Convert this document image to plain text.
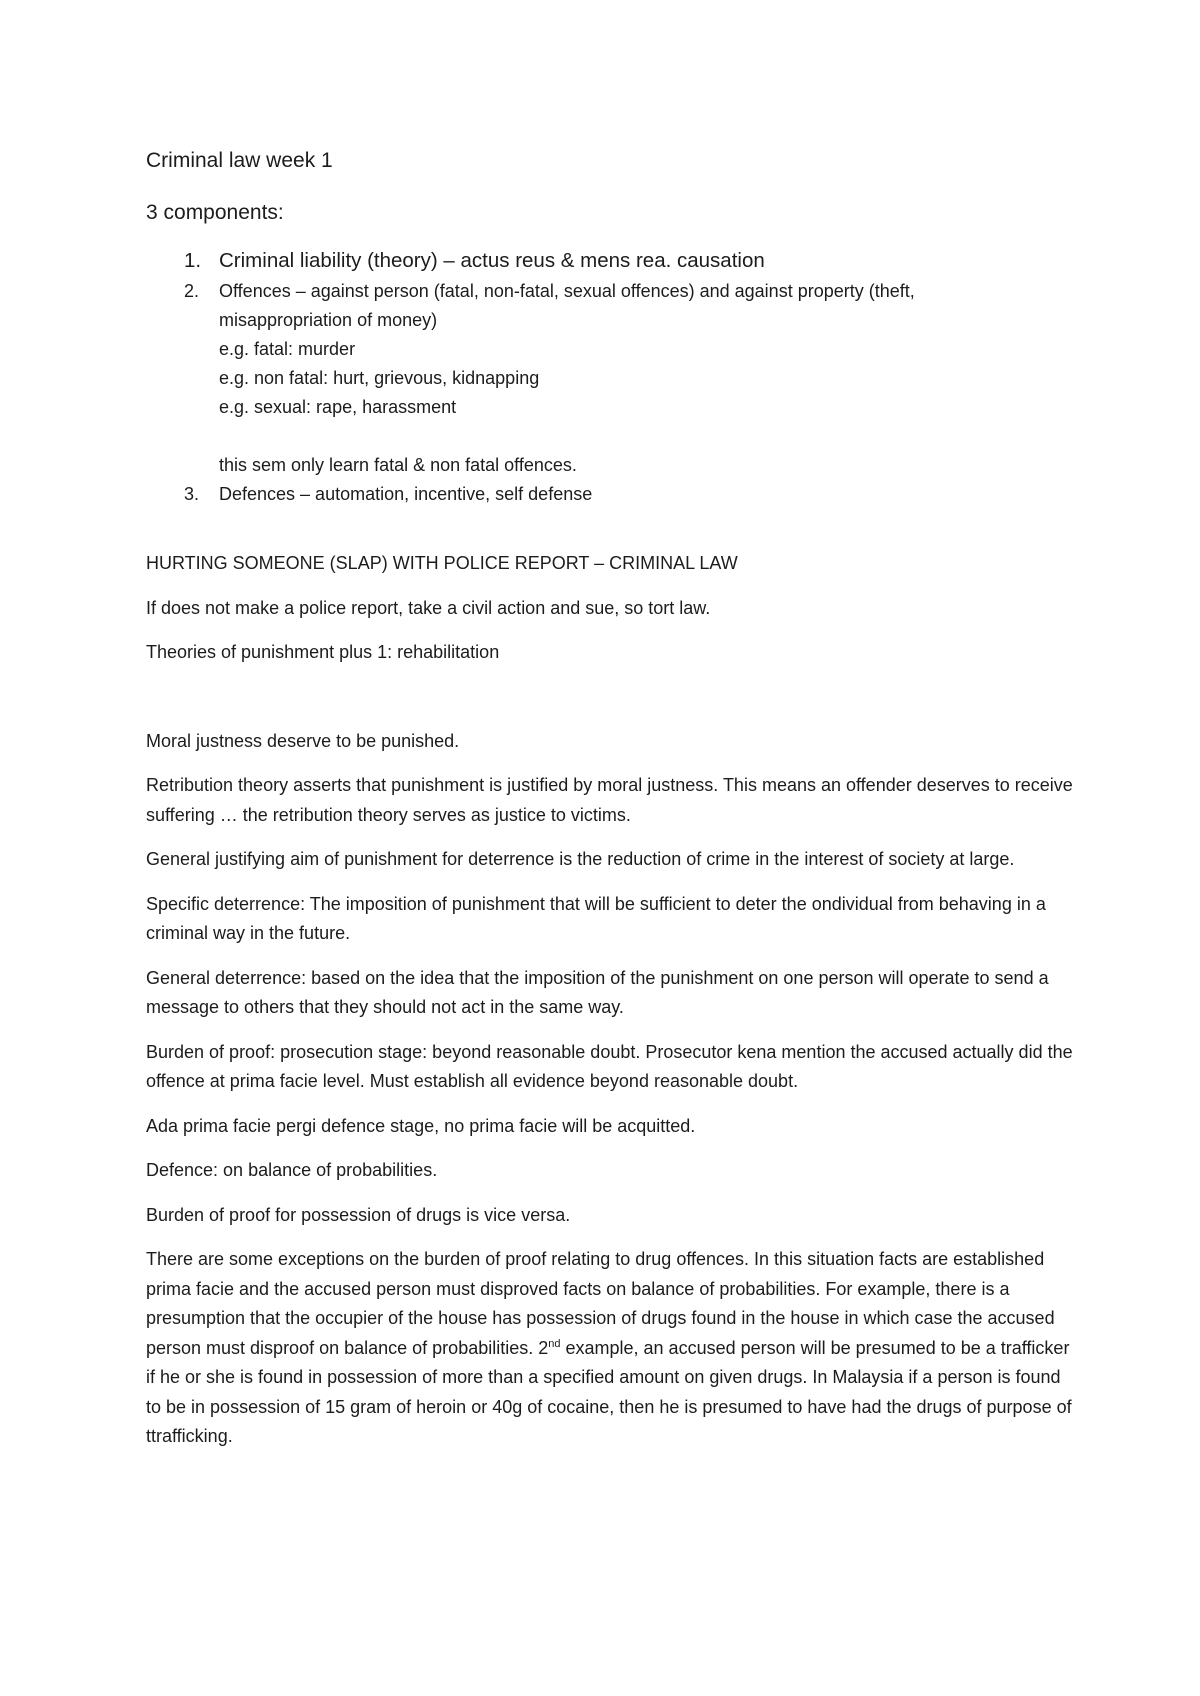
Criminal law week 1
3 components:
1. Criminal liability (theory) – actus reus & mens rea. causation
2. Offences – against person (fatal, non-fatal, sexual offences) and against property (theft,
misappropriation of money)
e.g. fatal: murder
e.g. non fatal: hurt, grievous, kidnapping
e.g. sexual: rape, harassment
this sem only learn fatal & non fatal offences.
3. Defences – automation, incentive, self defense

HURTING SOMEONE (SLAP) WITH POLICE REPORT – CRIMINAL LAW

If does not make a police report, take a civil action and sue, so tort law.

Theories of punishment plus 1: rehabilitation

Moral justness deserve to be punished.

Retribution theory asserts that punishment is justified by moral justness. This means an offender deserves to receive suffering … the retribution theory serves as justice to victims.

General justifying aim of punishment for deterrence is the reduction of crime in the interest of society at large.

Specific deterrence: The imposition of punishment that will be sufficient to deter the ondividual from behaving in a criminal way in the future.

General deterrence: based on the idea that the imposition of the punishment on one person will operate to send a message to others that they should not act in the same way.

Burden of proof: prosecution stage: beyond reasonable doubt. Prosecutor kena mention the accused actually did the offence at prima facie level. Must establish all evidence beyond reasonable doubt.

Ada prima facie pergi defence stage, no prima facie will be acquitted.

Defence: on balance of probabilities.

Burden of proof for possession of drugs is vice versa.

There are some exceptions on the burden of proof relating to drug offences. In this situation facts are established prima facie and the accused person must disproved facts on balance of probabilities. For example, there is a presumption that the occupier of the house has possession of drugs found in the house in which case the accused person must disproof on balance of probabilities. 2nd example, an accused person will be presumed to be a trafficker if he or she is found in possession of more than a specified amount on given drugs. In Malaysia if a person is found to be in possession of 15 gram of heroin or 40g of cocaine, then he is presumed to have had the drugs of purpose of ttrafficking.
